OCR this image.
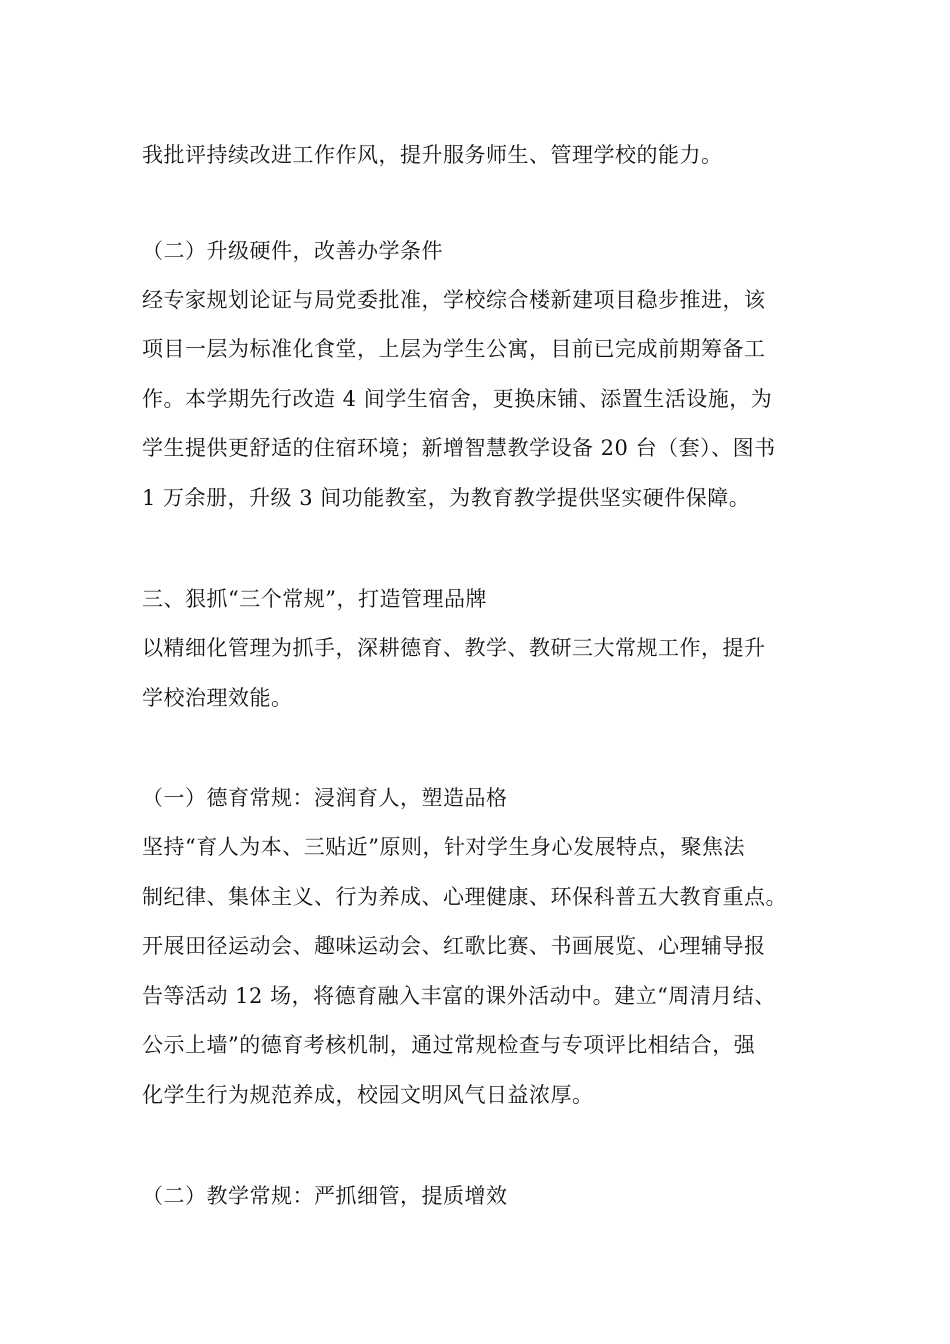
我批评持续改进工作作风，提升服务师生、管理学校的能力。
（二）升级硬件，改善办学条件
经专家规划论证与局党委批准，学校综合楼新建项目稳步推进，该
项目一层为标准化食堂，上层为学生公寓，目前已完成前期筹备工
作。本学期先行改造 4 间学生宿舍，更换床铺、添置生活设施，为
学生提供更舒适的住宿环境；新增智慧教学设备 20 台（套）、图书
1 万余册，升级 3 间功能教室，为教育教学提供坚实硬件保障。
三、狠抓“三个常规”，打造管理品牌
以精细化管理为抓手，深耕德育、教学、教研三大常规工作，提升
学校治理效能。
（一）德育常规：浸润育人，塑造品格
坚持“育人为本、三贴近”原则，针对学生身心发展特点，聚焦法
制纪律、集体主义、行为养成、心理健康、环保科普五大教育重点。
开展田径运动会、趣味运动会、红歌比赛、书画展览、心理辅导报
告等活动 12 场，将德育融入丰富的课外活动中。建立“周清月结、
公示上墙”的德育考核机制，通过常规检查与专项评比相结合，强
化学生行为规范养成，校园文明风气日益浓厚。
（二）教学常规：严抓细管，提质增效
